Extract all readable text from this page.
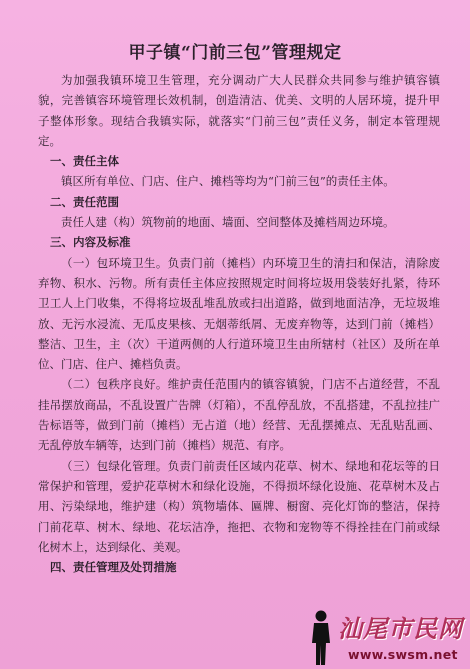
甲子镇“门前三包”管理规定

为加强我镇环境卫生管理，充分调动广大人民群众共同参与维护镇容镇貌，完善镇容环境管理长效机制，创造清洁、优美、文明的人居环境，提升甲子整体形象。现结合我镇实际，就落实“门前三包”责任义务，制定本管理规定。

一、责任主体

镇区所有单位、门店、住户、摊档等均为“门前三包”的责任主体。

二、责任范围

责任人建（构）筑物前的地面、墙面、空间整体及摊档周边环境。

三、内容及标准

（一）包环境卫生。负责门前（摊档）内环境卫生的清扫和保洁，清除废弃物、积水、污物。所有责任主体应按照规定时间将垃圾用袋装好扎紧，待环卫工人上门收集，不得将垃圾乱堆乱放或扫出道路，做到地面洁净，无垃圾堆放、无污水浸流、无瓜皮果核、无烟蒂纸屑、无废弃物等，达到门前（摊档）整洁、卫生，主（次）干道两侧的人行道环境卫生由所辖村（社区）及所在单位、门店、住户、摊档负责。

（二）包秩序良好。维护责任范围内的镇容镇貌，门店不占道经营，不乱挂吊摆放商品，不乱设置广告牌（灯箱），不乱停乱放，不乱搭建，不乱拉挂广告标语等，做到门前（摊档）无占道（地）经营、无乱摆摊点、无乱贴乱画、无乱停放车辆等，达到门前（摊档）规范、有序。

（三）包绿化管理。负责门前责任区域内花草、树木、绿地和花坛等的日常保护和管理，爱护花草树木和绿化设施，不得损坏绿化设施、花草树木及占用、污染绿地，维护建（构）筑物墙体、匾牌、橱窗、亮化灯饰的整洁，保持门前花草、树木、绿地、花坛洁净，拖把、衣物和宠物等不得拴挂在门前或绿化树木上，达到绿化、美观。

四、责任管理及处罚措施

汕尾市民网
www.swsm.net
